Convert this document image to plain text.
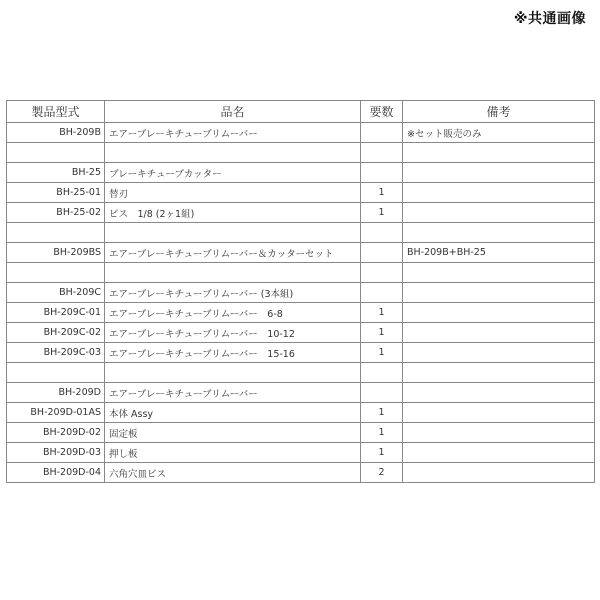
※共通画像
製品型式	品名	要数	備考
BH-209B	エアーブレーキチューブリムーバー		※セット販売のみ

BH-25	ブレーキチューブカッター		
BH-25-01	替刃	1	
BH-25-02	ビス　1/8 (2ヶ1組)	1	

BH-209BS	エアーブレーキチューブリムーバー＆カッターセット		BH-209B+BH-25

BH-209C	エアーブレーキチューブリムーバー (3本組)		
BH-209C-01	エアーブレーキチューブリムーバー　6-8	1	
BH-209C-02	エアーブレーキチューブリムーバー　10-12	1	
BH-209C-03	エアーブレーキチューブリムーバー　15-16	1	

BH-209D	エアーブレーキチューブリムーバー		
BH-209D-01AS	本体 Assy	1	
BH-209D-02	固定板	1	
BH-209D-03	押し板	1	
BH-209D-04	六角穴皿ビス	2	
